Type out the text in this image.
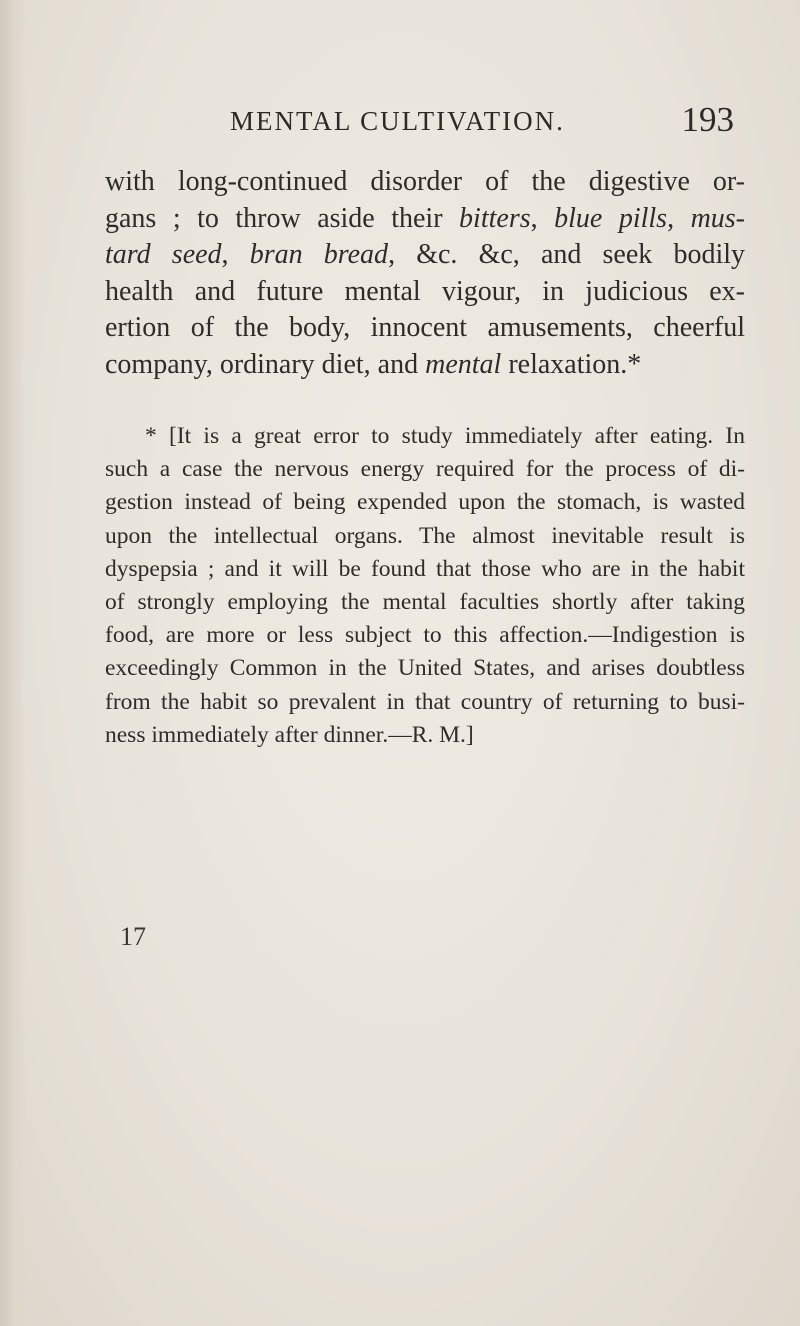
MENTAL CULTIVATION.	193
with long-continued disorder of the digestive or-
gans ; to throw aside their bitters, blue pills, mus-
tard seed, bran bread, &c. &c, and seek bodily
health and future mental vigour, in judicious ex-
ertion of the body, innocent amusements, cheerful
company, ordinary diet, and mental relaxation.*
* [It is a great error to study immediately after eating. In
such a case the nervous energy required for the process of di-
gestion instead of being expended upon the stomach, is wasted
upon the intellectual organs. The almost inevitable result is
dyspepsia ; and it will be found that those who are in the habit
of strongly employing the mental faculties shortly after taking
food, are more or less subject to this affection.—Indigestion is
exceedingly Common in the United States, and arises doubtless
from the habit so prevalent in that country of returning to busi-
ness immediately after dinner.—R. M.]
17
